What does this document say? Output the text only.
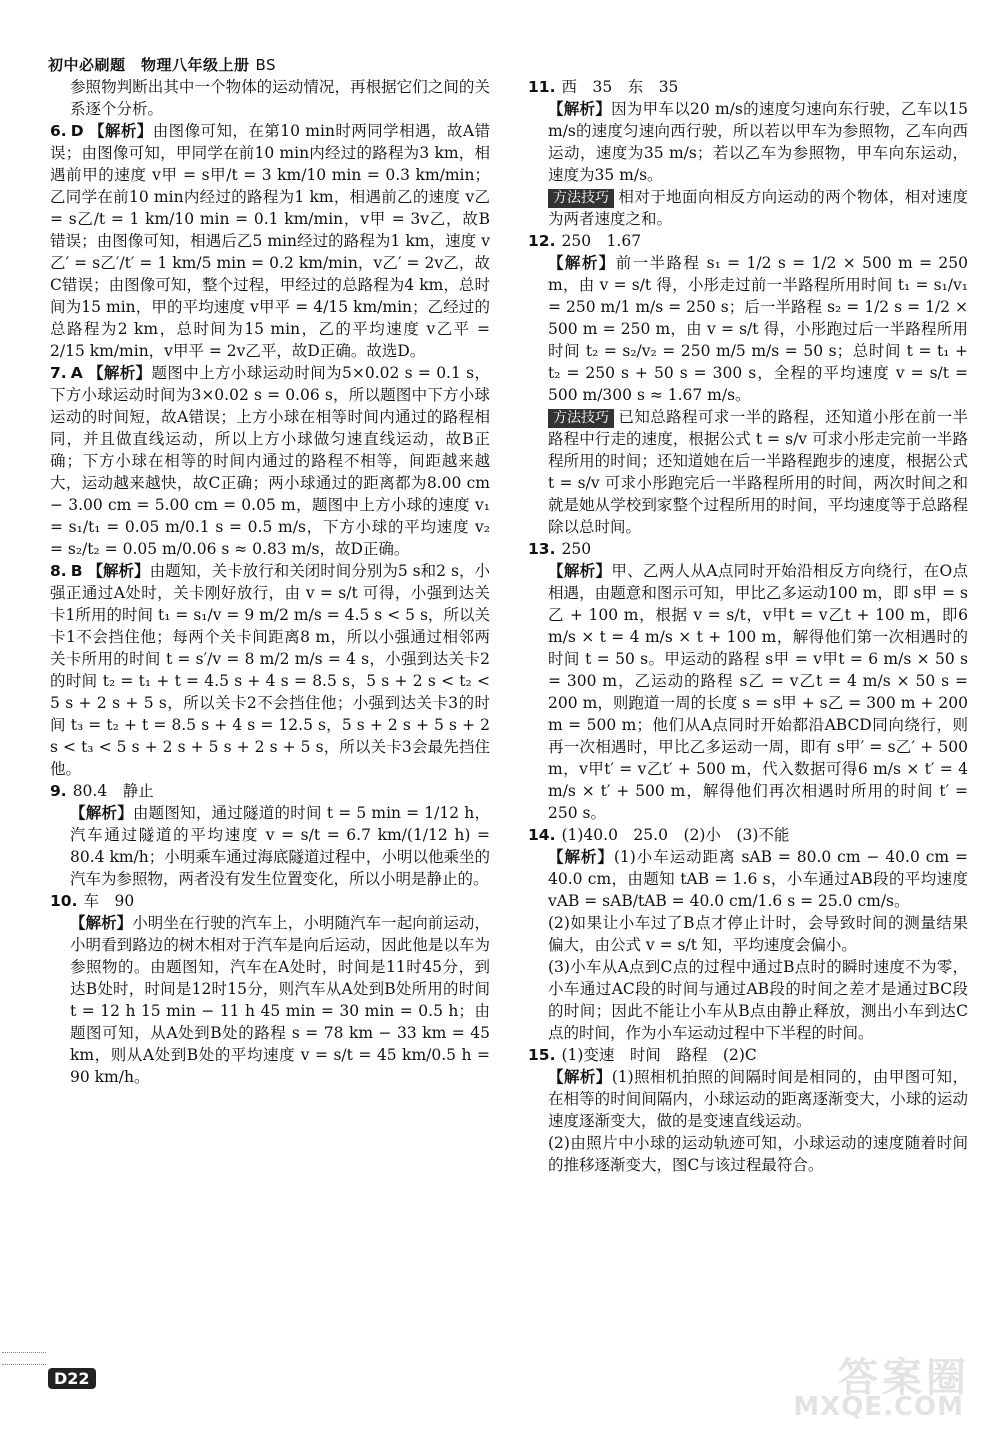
初中必刷题　物理八年级上册 BS

参照物判断出其中一个物体的运动情况，再根据它们之间的关系逐个分析。

6. D 【解析】由图像可知，在第10 min时两同学相遇，故A错误；由图像可知，甲同学在前10 min内经过的路程为3 km，相遇前甲的速度 v甲 = s甲/t = 3 km/10 min = 0.3 km/min；乙同学在前10 min内经过的路程为1 km，相遇前乙的速度 v乙 = s乙/t = 1 km/10 min = 0.1 km/min，v甲 = 3v乙，故B错误；由图像可知，相遇后乙5 min经过的路程为1 km，速度 v乙′ = s乙′/t′ = 1 km/5 min = 0.2 km/min，v乙′ = 2v乙，故C错误；由图像可知，整个过程，甲经过的总路程为4 km，总时间为15 min，甲的平均速度 v甲平 = 4/15 km/min；乙经过的总路程为2 km，总时间为15 min，乙的平均速度 v乙平 = 2/15 km/min，v甲平 = 2v乙平，故D正确。故选D。

7. A 【解析】题图中上方小球运动时间为5×0.02 s = 0.1 s，下方小球运动时间为3×0.02 s = 0.06 s，所以题图中下方小球运动的时间短，故A错误；上方小球在相等时间内通过的路程相同，并且做直线运动，所以上方小球做匀速直线运动，故B正确；下方小球在相等的时间内通过的路程不相等，间距越来越大，运动越来越快，故C正确；两小球通过的距离都为8.00 cm − 3.00 cm = 5.00 cm = 0.05 m，题图中上方小球的速度 v₁ = s₁/t₁ = 0.05 m/0.1 s = 0.5 m/s，下方小球的平均速度 v₂ = s₂/t₂ = 0.05 m/0.06 s ≈ 0.83 m/s，故D正确。

8. B 【解析】由题知，关卡放行和关闭时间分别为5 s和2 s，小强正通过A处时，关卡刚好放行，由 v = s/t 可得，小强到达关卡1所用的时间 t₁ = s₁/v = 9 m/2 m/s = 4.5 s < 5 s，所以关卡1不会挡住他；每两个关卡间距离8 m，所以小强通过相邻两关卡所用的时间 t = s′/v = 8 m/2 m/s = 4 s，小强到达关卡2的时间 t₂ = t₁ + t = 4.5 s + 4 s = 8.5 s，5 s + 2 s < t₂ < 5 s + 2 s + 5 s，所以关卡2不会挡住他；小强到达关卡3的时间 t₃ = t₂ + t = 8.5 s + 4 s = 12.5 s，5 s + 2 s + 5 s + 2 s < t₃ < 5 s + 2 s + 5 s + 2 s + 5 s，所以关卡3会最先挡住他。

9. 80.4　静止

【解析】由题图知，通过隧道的时间 t = 5 min = 1/12 h，汽车通过隧道的平均速度 v = s/t = 6.7 km/(1/12 h) = 80.4 km/h；小明乘车通过海底隧道过程中，小明以他乘坐的汽车为参照物，两者没有发生位置变化，所以小明是静止的。

10. 车　90

【解析】小明坐在行驶的汽车上，小明随汽车一起向前运动，小明看到路边的树木相对于汽车是向后运动，因此他是以车为参照物的。由题图知，汽车在A处时，时间是11时45分，到达B处时，时间是12时15分，则汽车从A处到B处所用的时间 t = 12 h 15 min − 11 h 45 min = 30 min = 0.5 h；由题图可知，从A处到B处的路程 s = 78 km − 33 km = 45 km，则从A处到B处的平均速度 v = s/t = 45 km/0.5 h = 90 km/h。

11. 西　35　东　35

【解析】因为甲车以20 m/s的速度匀速向东行驶，乙车以15 m/s的速度匀速向西行驶，所以若以甲车为参照物，乙车向西运动，速度为35 m/s；若以乙车为参照物，甲车向东运动，速度为35 m/s。

方法技巧 相对于地面向相反方向运动的两个物体，相对速度为两者速度之和。

12. 250　1.67

【解析】前一半路程 s₁ = 1/2 s = 1/2 × 500 m = 250 m，由 v = s/t 得，小彤走过前一半路程所用时间 t₁ = s₁/v₁ = 250 m/1 m/s = 250 s；后一半路程 s₂ = 1/2 s = 1/2 × 500 m = 250 m，由 v = s/t 得，小彤跑过后一半路程所用时间 t₂ = s₂/v₂ = 250 m/5 m/s = 50 s；总时间 t = t₁ + t₂ = 250 s + 50 s = 300 s，全程的平均速度 v = s/t = 500 m/300 s ≈ 1.67 m/s。

方法技巧 已知总路程可求一半的路程，还知道小彤在前一半路程中行走的速度，根据公式 t = s/v 可求小彤走完前一半路程所用的时间；还知道她在后一半路程跑步的速度，根据公式 t = s/v 可求小彤跑完后一半路程所用的时间，两次时间之和就是她从学校到家整个过程所用的时间，平均速度等于总路程除以总时间。

13. 250

【解析】甲、乙两人从A点同时开始沿相反方向绕行，在O点相遇，由题意和图示可知，甲比乙多运动100 m，即 s甲 = s乙 + 100 m，根据 v = s/t，v甲t = v乙t + 100 m，即6 m/s × t = 4 m/s × t + 100 m，解得他们第一次相遇时的时间 t = 50 s。甲运动的路程 s甲 = v甲t = 6 m/s × 50 s = 300 m，乙运动的路程 s乙 = v乙t = 4 m/s × 50 s = 200 m，则跑道一周的长度 s = s甲 + s乙 = 300 m + 200 m = 500 m；他们从A点同时开始都沿ABCD同向绕行，则再一次相遇时，甲比乙多运动一周，即有 s甲′ = s乙′ + 500 m，v甲t′ = v乙t′ + 500 m，代入数据可得6 m/s × t′ = 4 m/s × t′ + 500 m，解得他们再次相遇时所用的时间 t′ = 250 s。

14. (1)40.0　25.0　(2)小　(3)不能

【解析】(1)小车运动距离 sAB = 80.0 cm − 40.0 cm = 40.0 cm，由题知 tAB = 1.6 s，小车通过AB段的平均速度 vAB = sAB/tAB = 40.0 cm/1.6 s = 25.0 cm/s。

(2)如果让小车过了B点才停止计时，会导致时间的测量结果偏大，由公式 v = s/t 知，平均速度会偏小。

(3)小车从A点到C点的过程中通过B点时的瞬时速度不为零，小车通过AC段的时间与通过AB段的时间之差才是通过BC段的时间；因此不能让小车从B点由静止释放，测出小车到达C点的时间，作为小车运动过程中下半程的时间。

15. (1)变速　时间　路程　(2)C

【解析】(1)照相机拍照的间隔时间是相同的，由甲图可知，在相等的时间间隔内，小球运动的距离逐渐变大，小球的运动速度逐渐变大，做的是变速直线运动。

(2)由照片中小球的运动轨迹可知，小球运动的速度随着时间的推移逐渐变大，图C与该过程最符合。

D22	答案圈
MXQE.COM
